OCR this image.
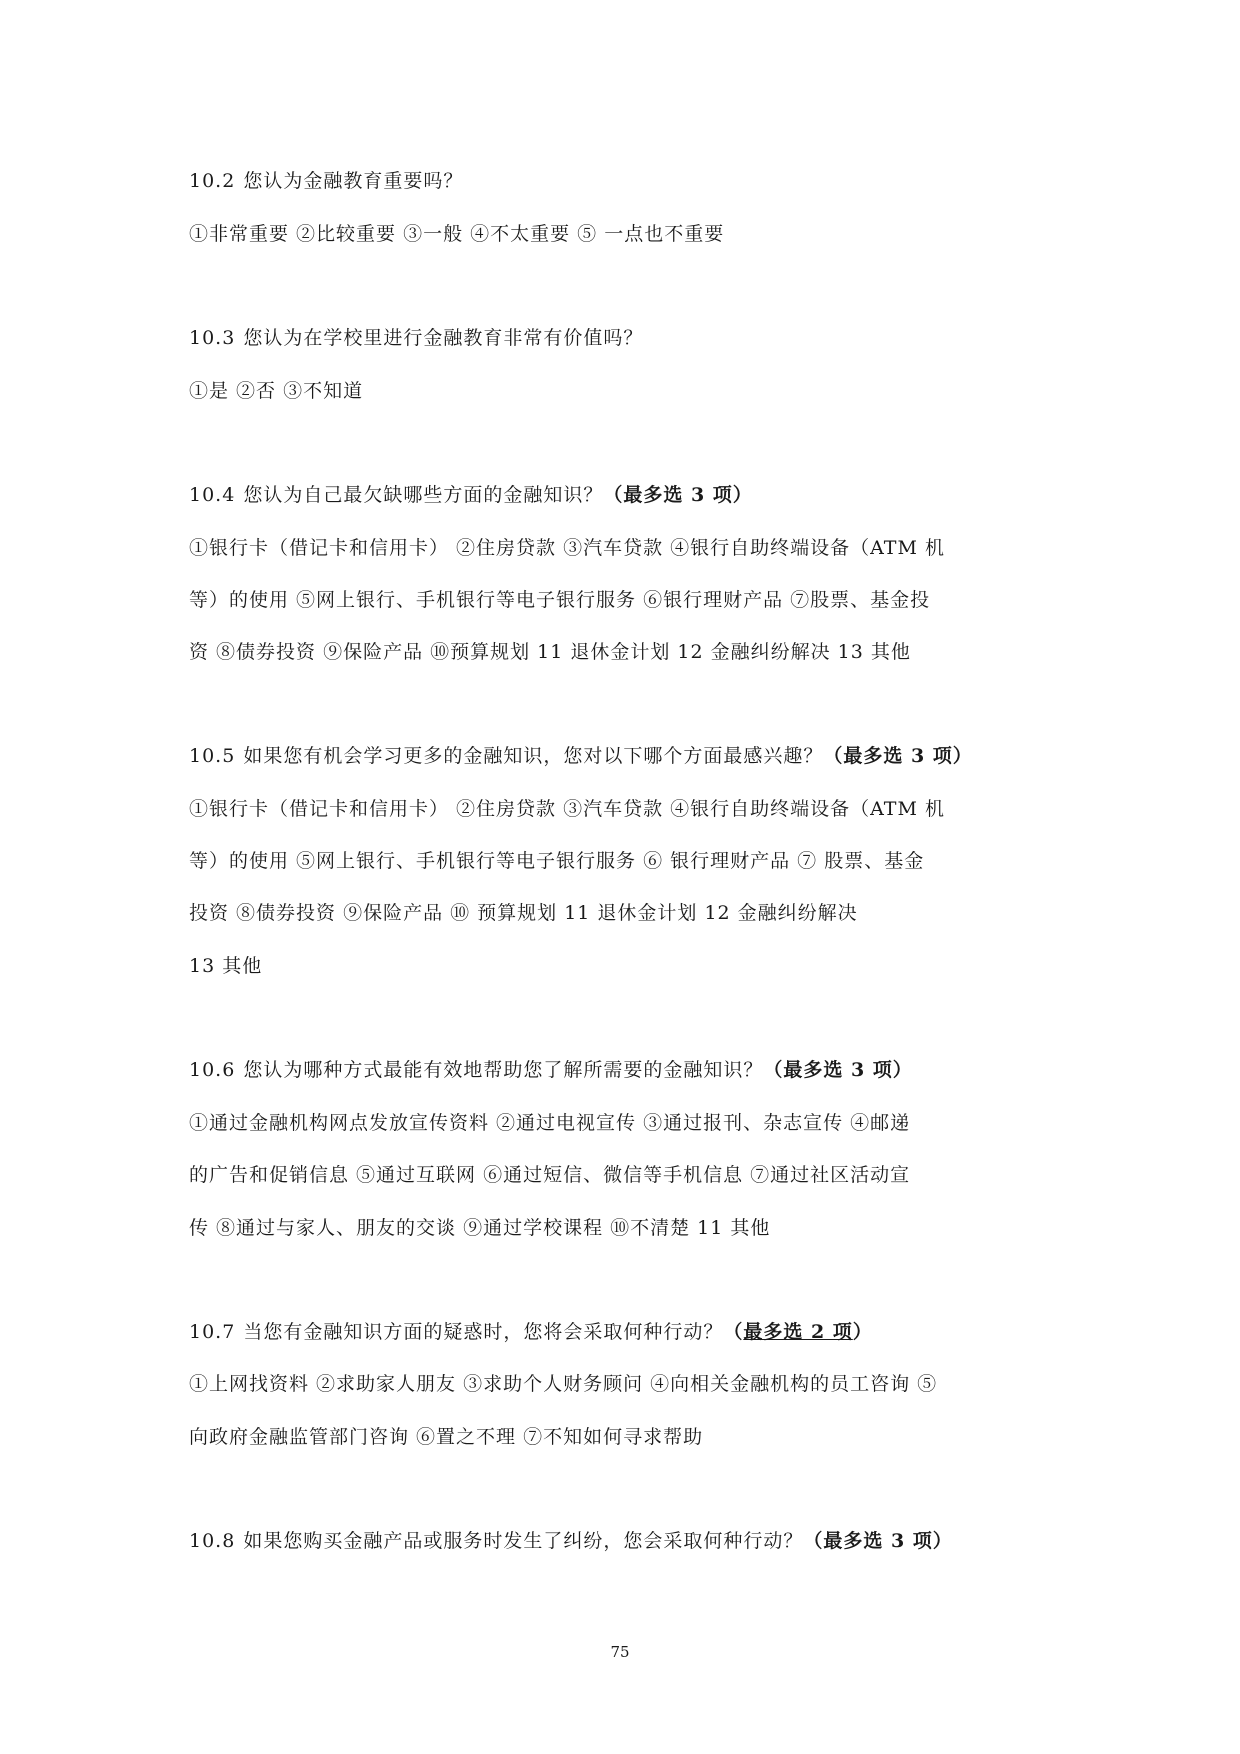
10.2 您认为金融教育重要吗？
①非常重要 ②比较重要 ③一般 ④不太重要 ⑤ 一点也不重要
10.3 您认为在学校里进行金融教育非常有价值吗？
①是 ②否 ③不知道
10.4 您认为自己最欠缺哪些方面的金融知识？（最多选 3 项）
①银行卡（借记卡和信用卡） ②住房贷款 ③汽车贷款 ④银行自助终端设备（ATM 机
等）的使用 ⑤网上银行、手机银行等电子银行服务 ⑥银行理财产品 ⑦股票、基金投
资 ⑧债券投资 ⑨保险产品 ⑩预算规划 11 退休金计划 12 金融纠纷解决 13 其他
10.5 如果您有机会学习更多的金融知识，您对以下哪个方面最感兴趣？（最多选 3 项）
①银行卡（借记卡和信用卡） ②住房贷款 ③汽车贷款 ④银行自助终端设备（ATM 机
等）的使用 ⑤网上银行、手机银行等电子银行服务 ⑥ 银行理财产品 ⑦ 股票、基金
投资 ⑧债券投资 ⑨保险产品 ⑩ 预算规划 11 退休金计划 12 金融纠纷解决
13 其他
10.6 您认为哪种方式最能有效地帮助您了解所需要的金融知识？（最多选 3 项）
①通过金融机构网点发放宣传资料 ②通过电视宣传 ③通过报刊、杂志宣传 ④邮递
的广告和促销信息 ⑤通过互联网 ⑥通过短信、微信等手机信息 ⑦通过社区活动宣
传 ⑧通过与家人、朋友的交谈 ⑨通过学校课程 ⑩不清楚 11 其他
10.7 当您有金融知识方面的疑惑时，您将会采取何种行动？（最多选 2 项）
①上网找资料 ②求助家人朋友 ③求助个人财务顾问 ④向相关金融机构的员工咨询 ⑤
向政府金融监管部门咨询 ⑥置之不理 ⑦不知如何寻求帮助
10.8 如果您购买金融产品或服务时发生了纠纷，您会采取何种行动？（最多选 3 项）
75
